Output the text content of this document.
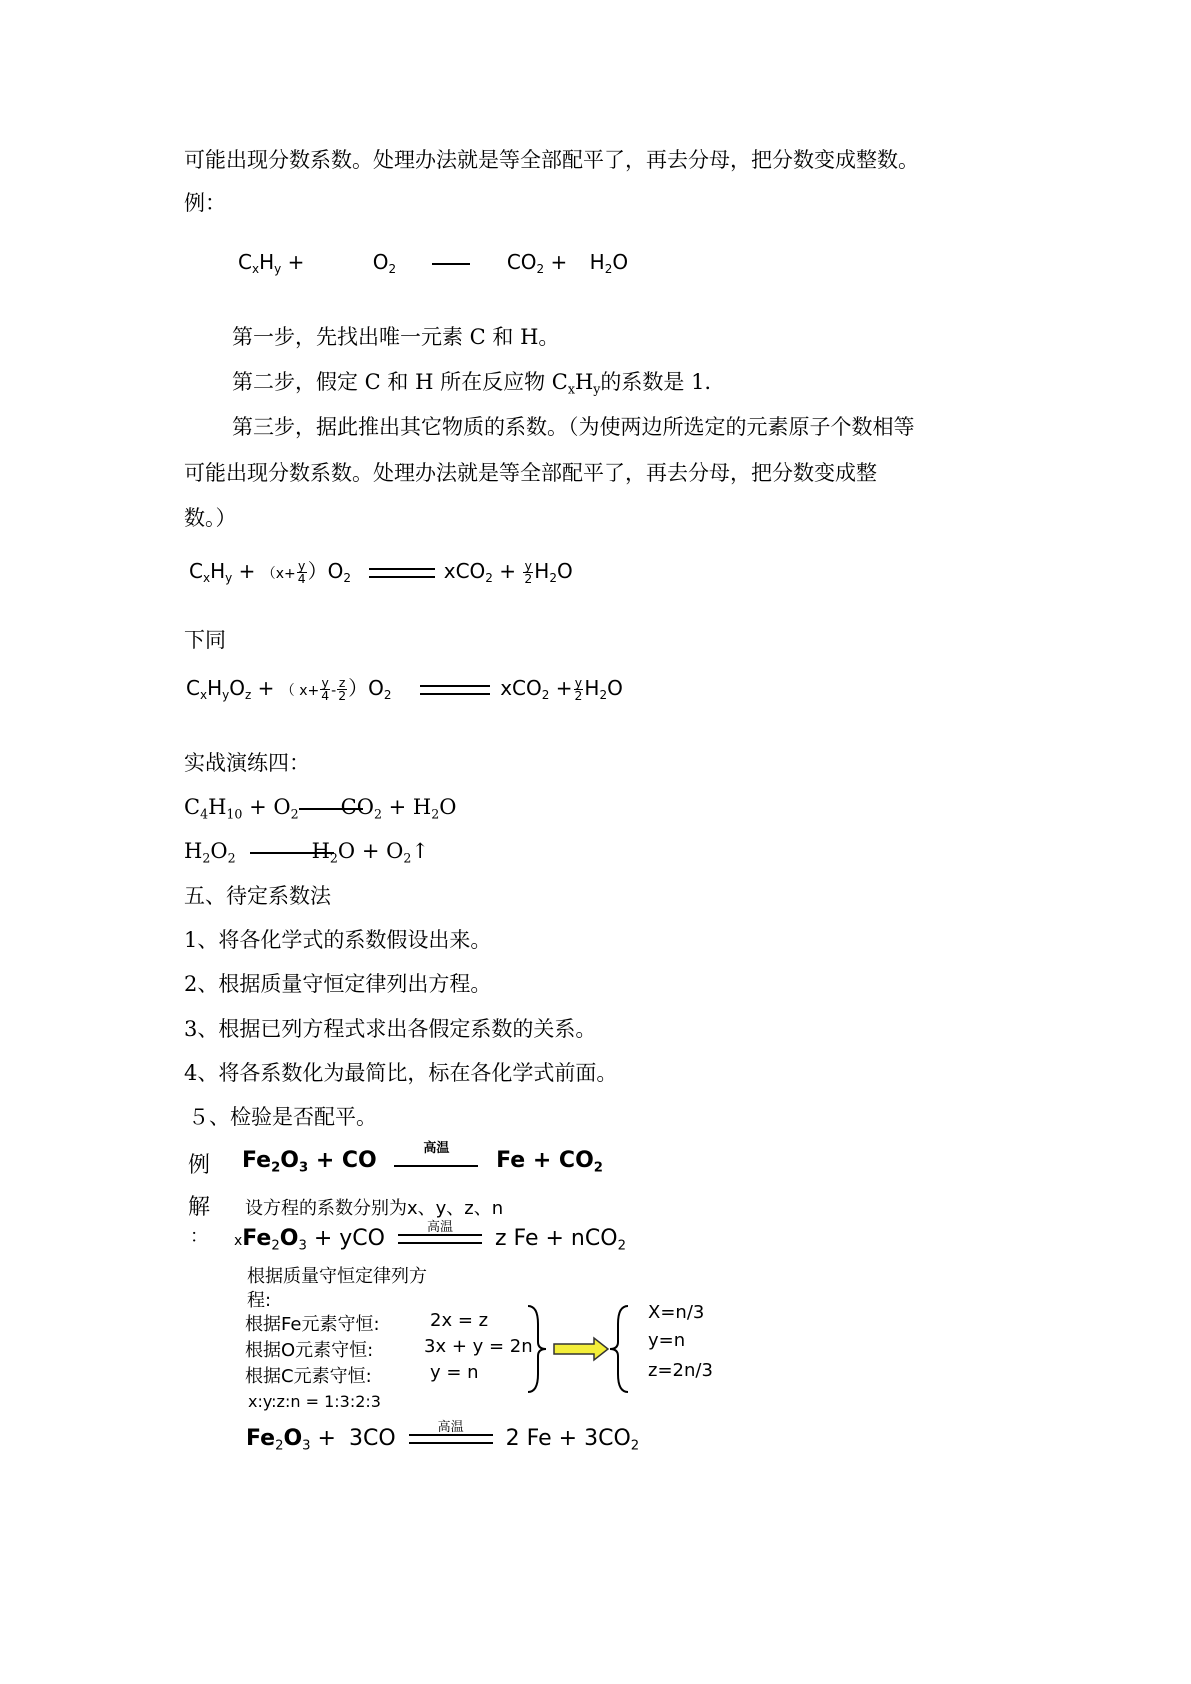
可能出现分数系数。处理办法就是等全部配平了，再去分母，把分数变成整数。
例：
$C_xH_y$ +	$O_2$	$CO_2 + H_2O$
第一步，先找出唯一元素 C 和 H。
第二步，假定 C 和 H 所在反应物 $C_xH_y$的系数是 1.
第三步，据此推出其它物质的系数。（为使两边所选定的元素原子个数相等
可能出现分数系数。处理办法就是等全部配平了，再去分母，把分数变成整
数。）
$C_xH_y + (x+ \frac{y}{4} )O_2$	$xCO_2 + \frac{y}{2} H_2O$
下同
$C_xH_yO_z$ + （ $x+ \frac{y}{4} - \frac{z}{2} )O_2$	$xCO_2 + \frac{y}{2} H_2O$
实战演练四：
$C_4H_{10} + O_2$ $CO_2 + H_2O$
$H_2O_2$	$H_2O$ + $O_2↑$
五、待定系数法
1、将各化学式的系数假设出来。
2、根据质量守恒定律列出方程。
3、根据已列方程式求出各假定系数的关系。
4、将各系数化为最简比，标在各化学式前面。
５、检验是否配平。
例 $Fe_2O_3$ + CO	高温	$Fe + CO_2$
解
：
设方程的系数分别为x、y、z、n
$xFe_2O_3$ + yCO	高温	z Fe + nCO$_2$
根据质量守恒定律列方
程:
根据Fe元素守恒:	2x = z
根据O元素守恒:	3x + y = 2n
根据C元素守恒:	y = n
X=n/3
y=n
z=2n/3
x:y:z:n = 1:3:2:3
$Fe_2O_3 + 3CO$	高温	2 $Fe + 3CO_2$
